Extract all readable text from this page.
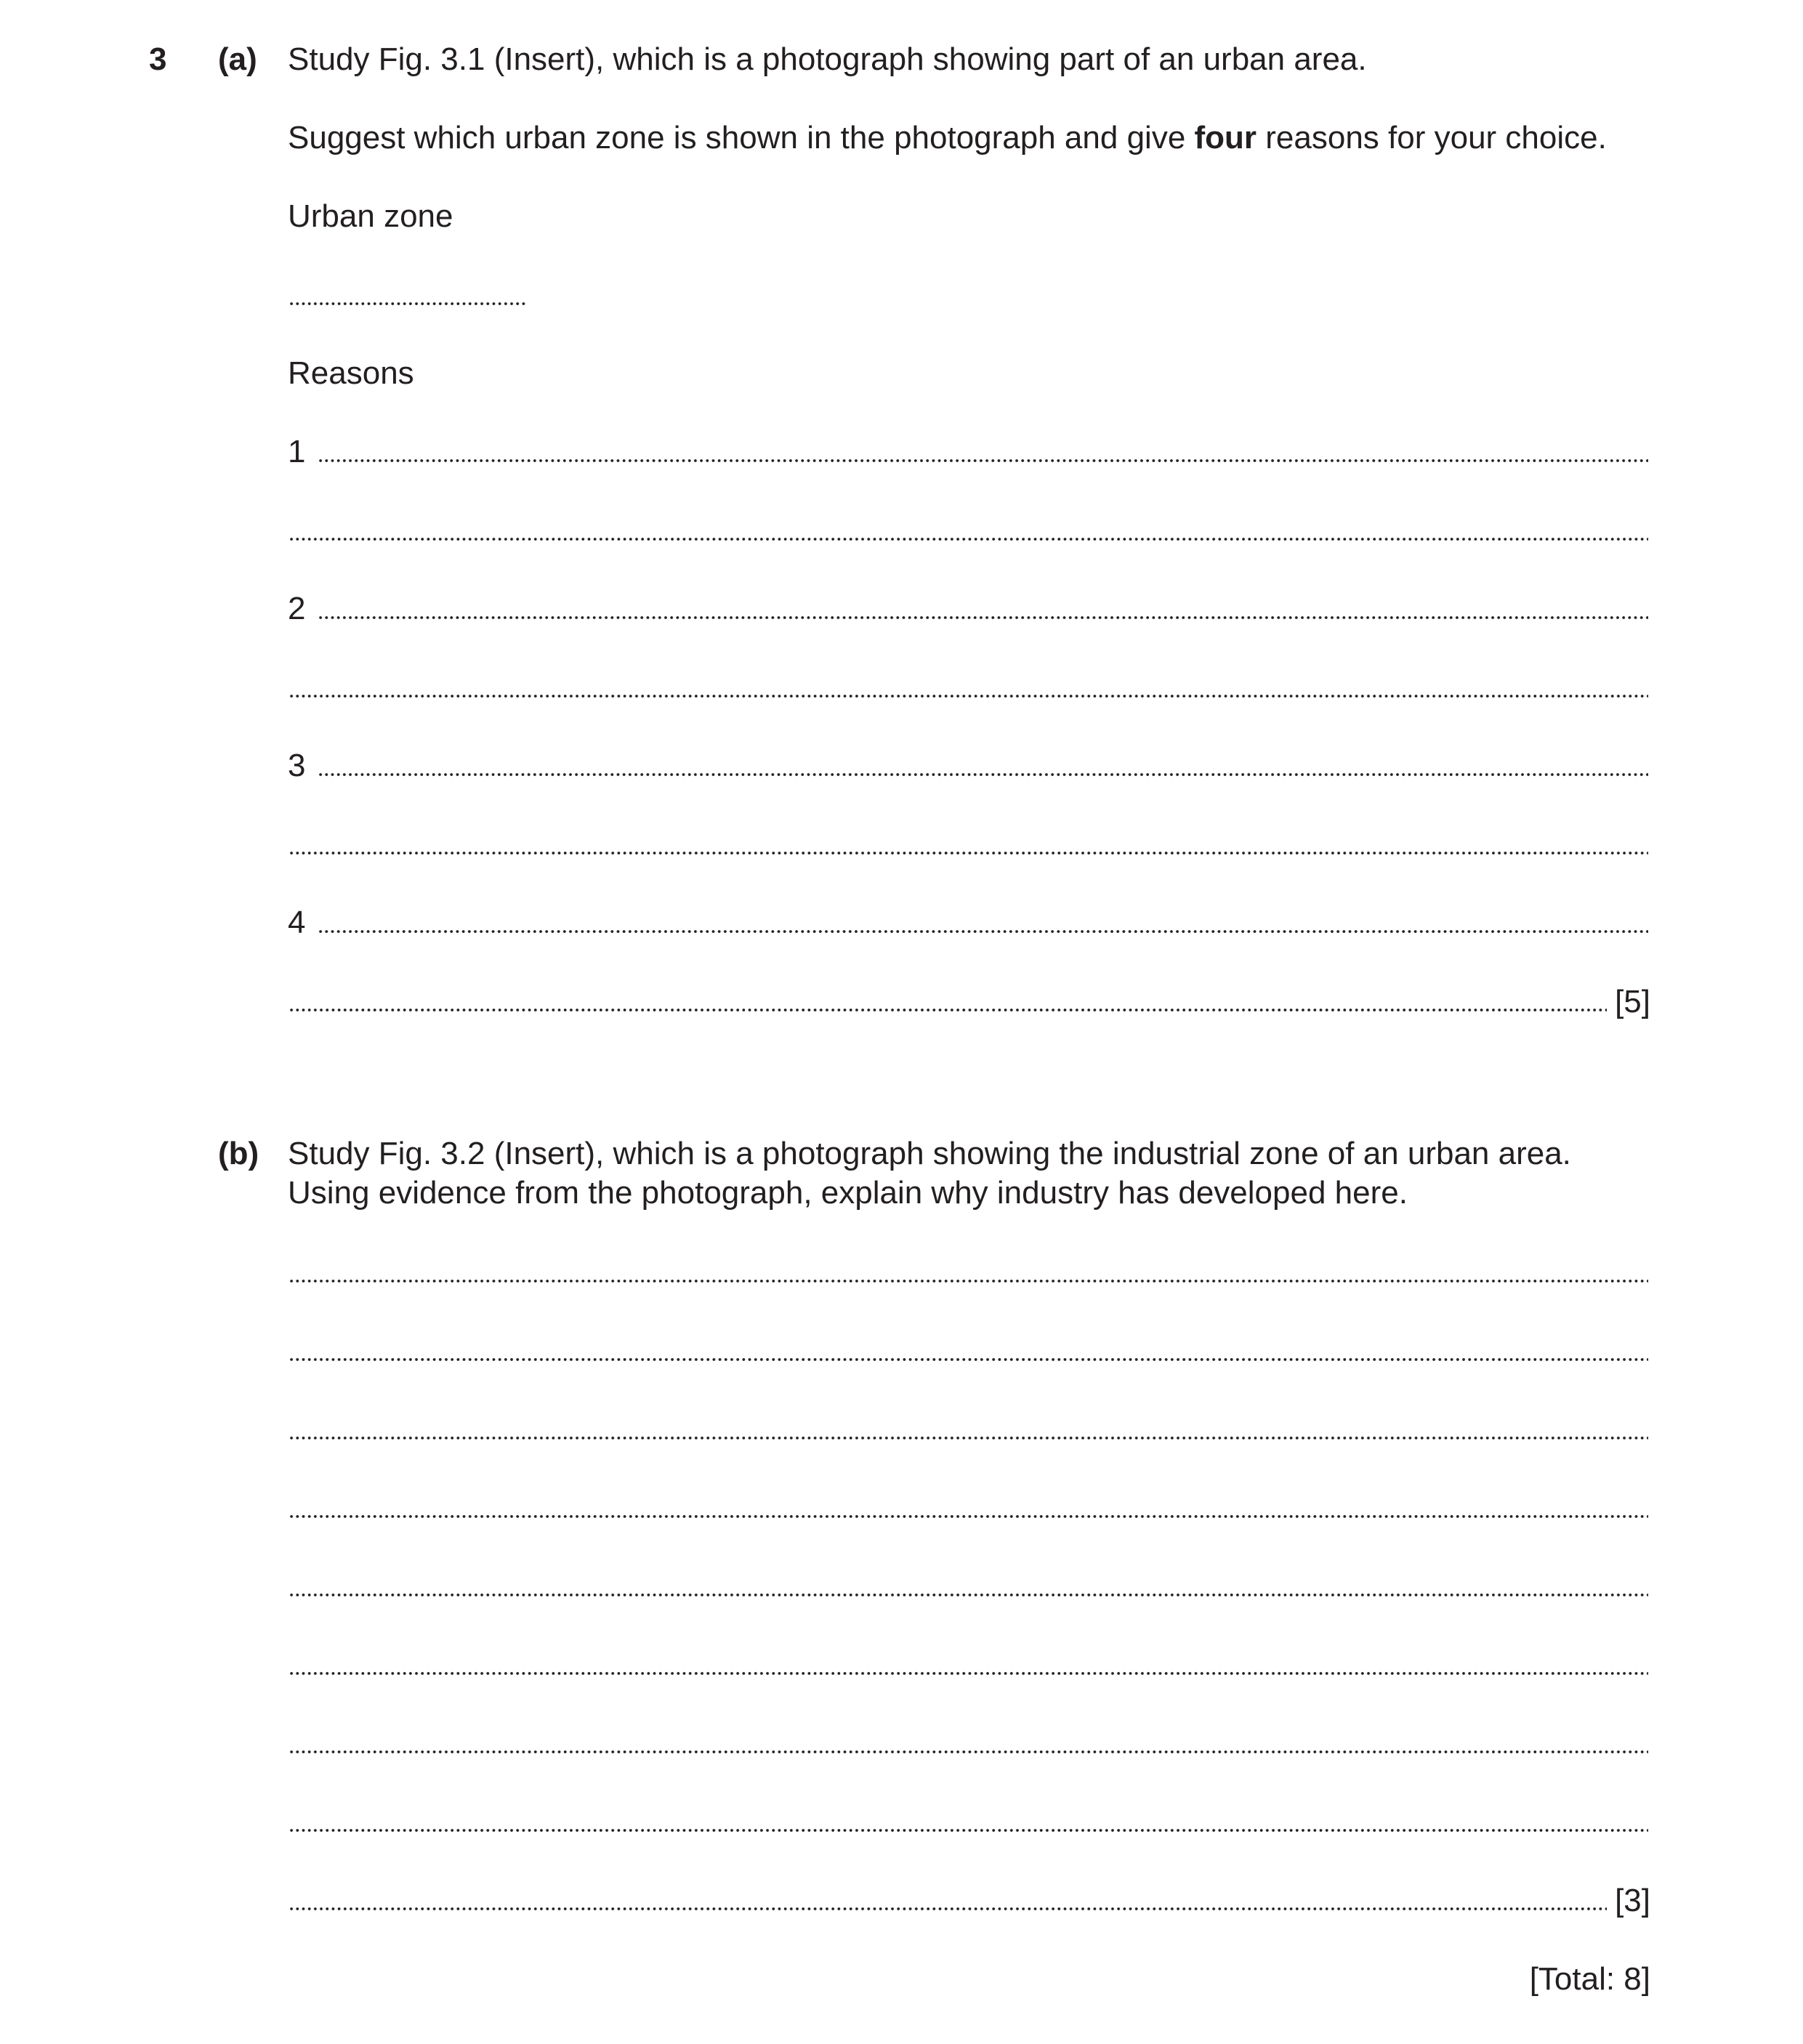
3 (a) Study Fig. 3.1 (Insert), which is a photograph showing part of an urban area.
Suggest which urban zone is shown in the photograph and give four reasons for your choice.
Urban zone
Reasons
1
2
3
4
[5]
(b) Study Fig. 3.2 (Insert), which is a photograph showing the industrial zone of an urban area.
Using evidence from the photograph, explain why industry has developed here.
[3]
[Total: 8]
